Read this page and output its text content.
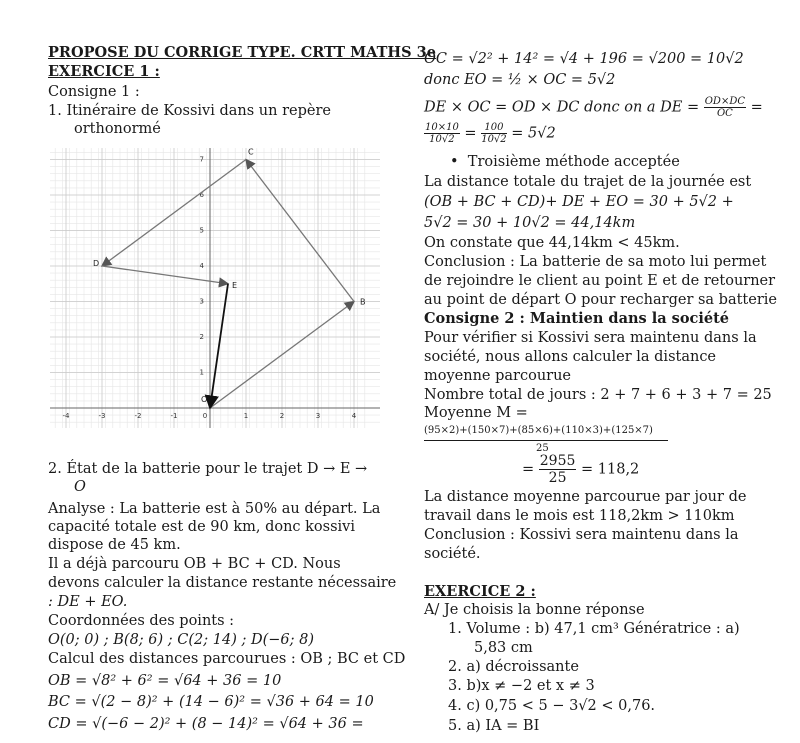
PROPOSE DU CORRIGE TYPE. CRTT MATHS 3e
EXERCICE 1 :
Consigne 1 :
1. Itinéraire de Kossivi dans un repère
orthonormé
-4	-3	-2	-1	0	1	2	3	4
1
2
3
4
5
6
7
O
B
C
D
E
2. État de la batterie pour le trajet D → E →
O
Analyse : La batterie est à 50% au départ. La
capacité totale est de 90 km, donc kossivi
dispose de 45 km.
Il a déjà parcouru OB + BC + CD. Nous
devons calculer la distance restante nécessaire
: DE + EO.
Coordonnées des points :
O(0; 0) ; B(8; 6) ; C(2; 14) ; D(−6; 8)
Calcul des distances parcourues : OB ; BC et CD
OB = √8² + 6² = √64 + 36 = 10
BC = √(2 − 8)² + (14 − 6)² = √36 + 64 = 10
CD = √(−6 − 2)² + (8 − 14)² = √64 + 36 =
OC = √2² + 14² = √4 + 196 = √200 = 10√2
donc EO = ½ × OC = 5√2
DE × OC = OD × DC donc on a DE = $\frac{OD\times DC}{OC}$ =
$\frac{10\times 10}{10√2} = \frac{100}{10√2} = 5√2$
•  Troisième méthode acceptée
La distance totale du trajet de la journée est
(OB + BC + CD)+ DE + EO = 30 + 5√2 +
5√2 = 30 + 10√2 = 44,14km
On constate que 44,14km < 45km.
Conclusion : La batterie de sa moto lui permet
de rejoindre le client au point E et de retourner
au point de départ O pour recharger sa batterie
Consigne 2 : Maintien dans la société
Pour vérifier si Kossivi sera maintenu dans la
société, nous allons calculer la distance
moyenne parcourue
Nombre total de jours : 2 + 7 + 6 + 3 + 7 = 25
Moyenne M =
(95×2)+(150×7)+(85×6)+(110×3)+(125×7)
25
= $\frac{2955}{25} = 118,2$
La distance moyenne parcourue par jour de
travail dans le mois est 118,2km > 110km
Conclusion : Kossivi sera maintenu dans la
société.
EXERCICE 2 :
A/ Je choisis la bonne réponse
1. Volume : b) 47,1 cm³ Génératrice : a)
5,83 cm
2. a) décroissante
3. b)x ≠ −2 et x ≠ 3
4. c) 0,75 < 5 − 3√2 < 0,76.
5. a) IA = BI
